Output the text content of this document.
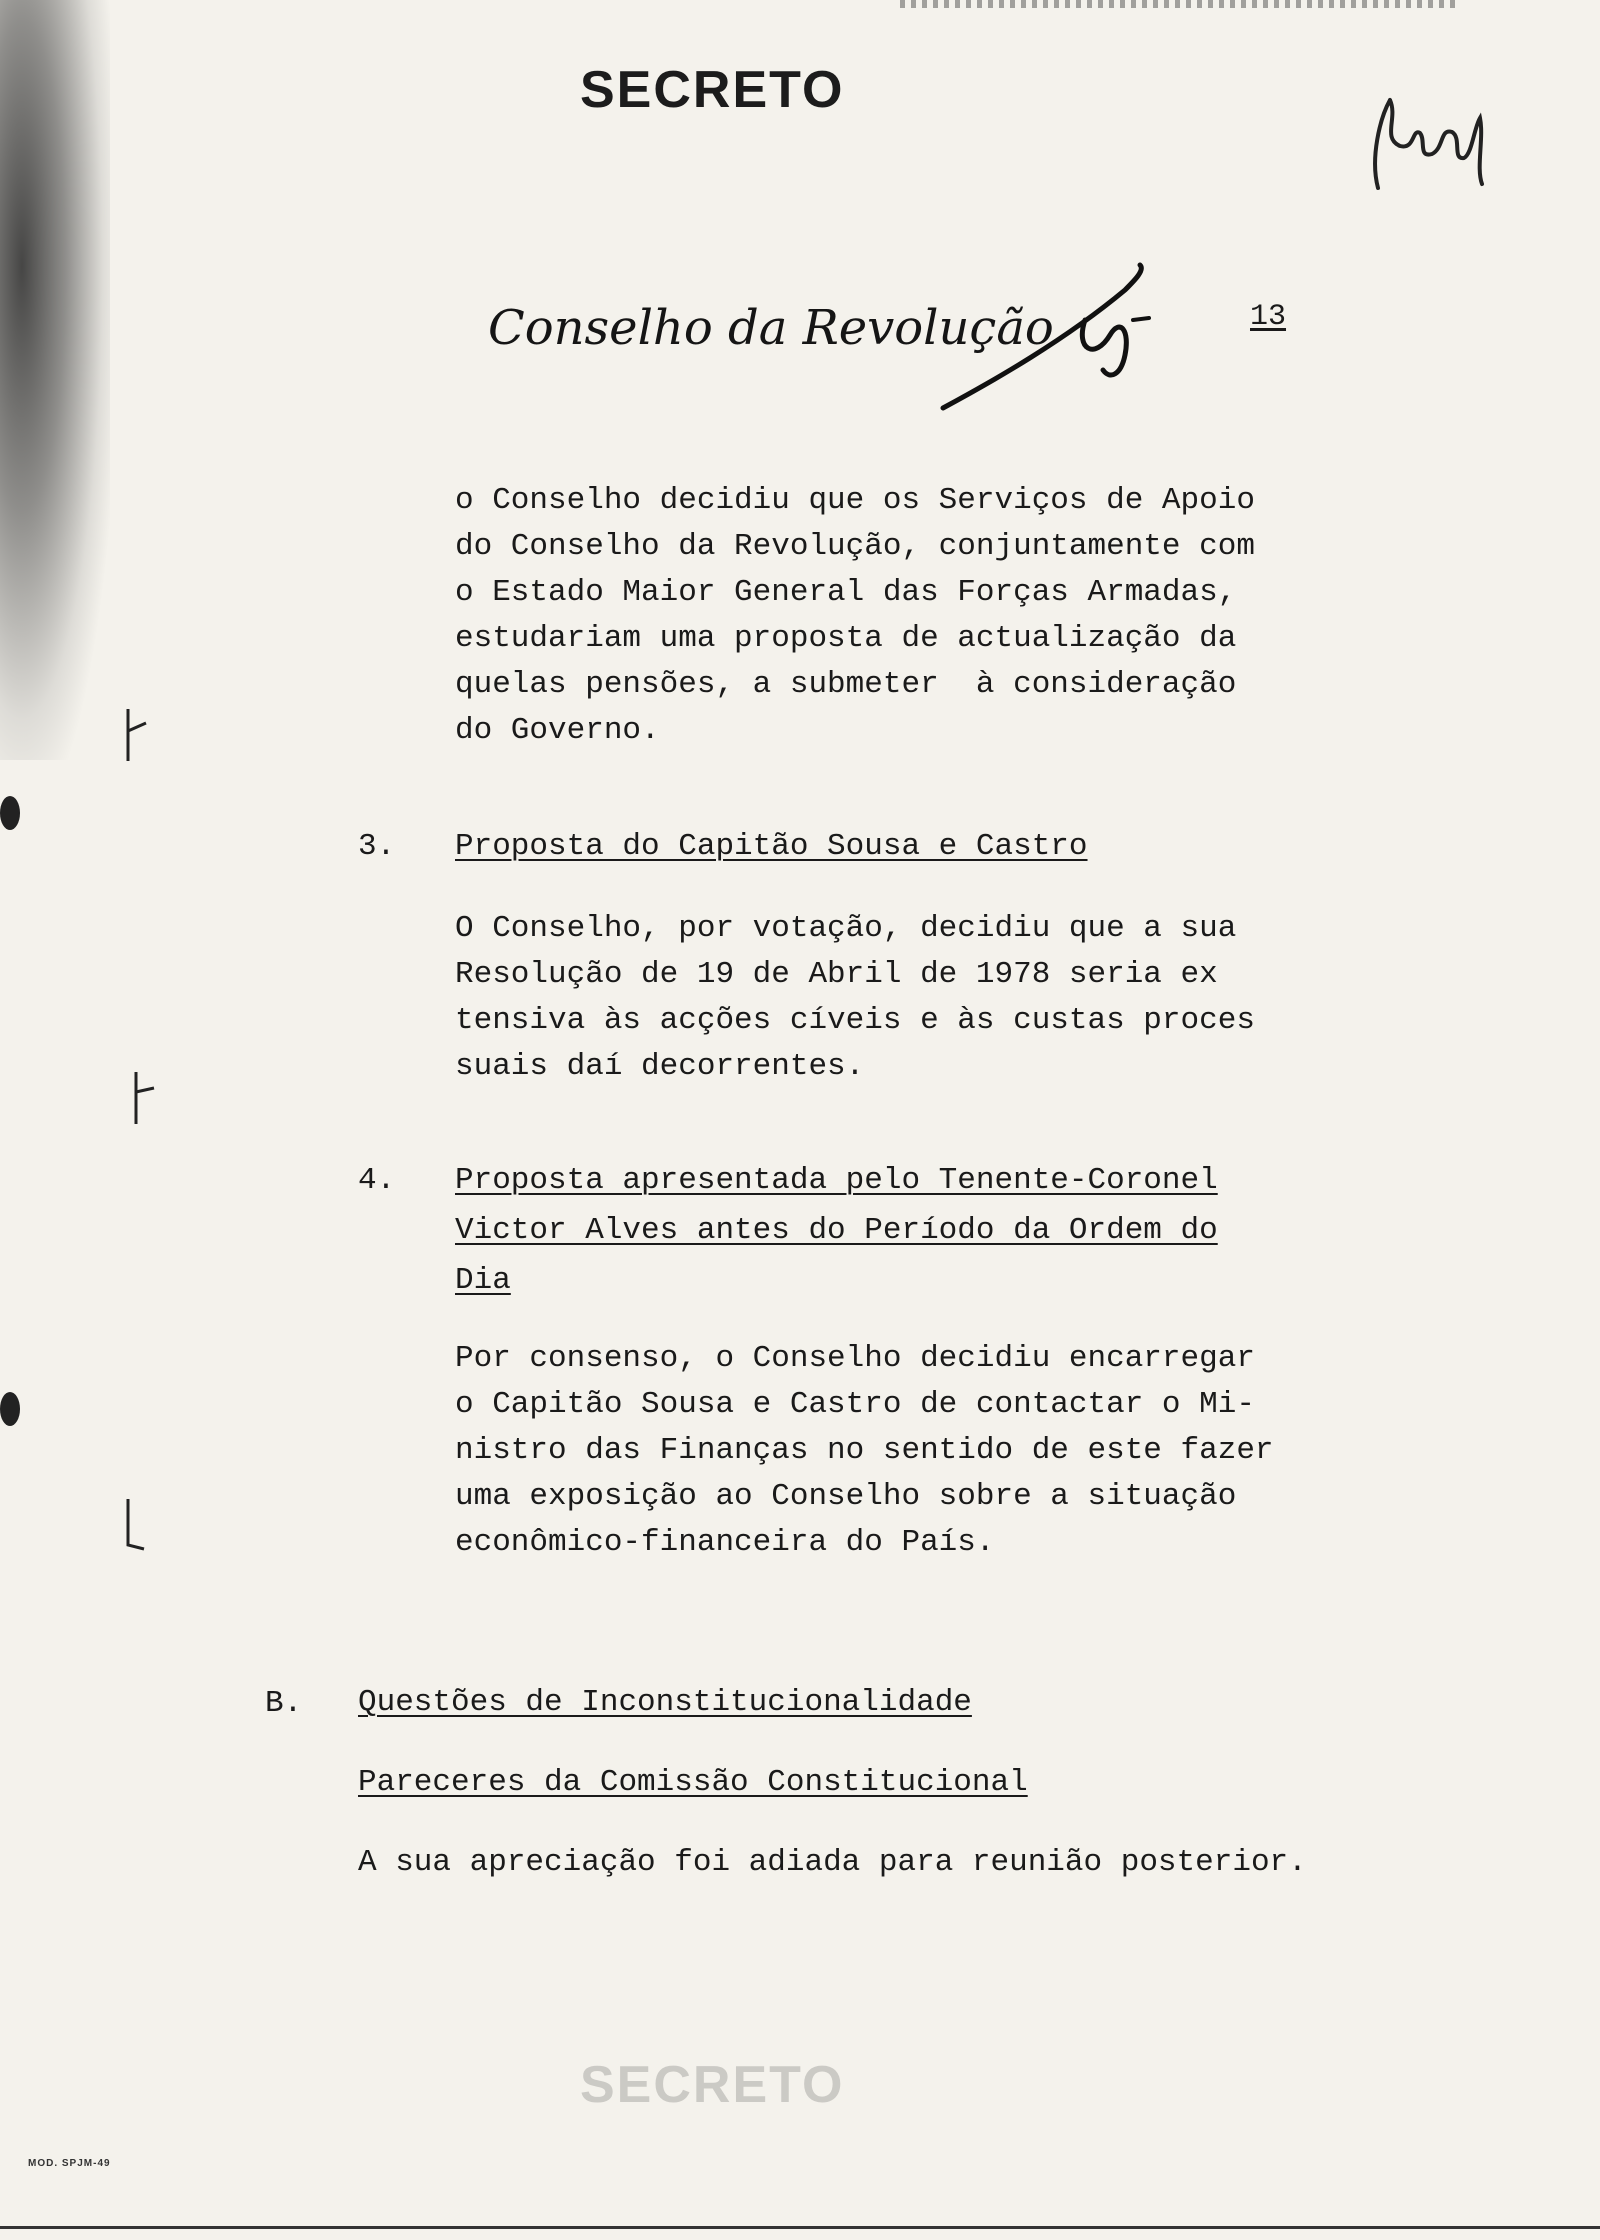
SECRETO
Conselho da Revolução	13

o Conselho decidiu que os Serviços de Apoio
do Conselho da Revolução, conjuntamente com
o Estado Maior General das Forças Armadas,
estudariam uma proposta de actualização da
quelas pensões, a submeter  à consideração
do Governo.

3. Proposta do Capitão Sousa e Castro

O Conselho, por votação, decidiu que a sua
Resolução de 19 de Abril de 1978 seria ex
tensiva às acções cíveis e às custas proces
suais daí decorrentes.

4. Proposta apresentada pelo Tenente-Coronel
Victor Alves antes do Período da Ordem do
Dia

Por consenso, o Conselho decidiu encarregar
o Capitão Sousa e Castro de contactar o Mi-
nistro das Finanças no sentido de este fazer
uma exposição ao Conselho sobre a situação
econômico-financeira do País.

B. Questões de Inconstitucionalidade
Pareceres da Comissão Constitucional

A sua apreciação foi adiada para reunião posterior.

SECRETO
MOD. SPJM-49
